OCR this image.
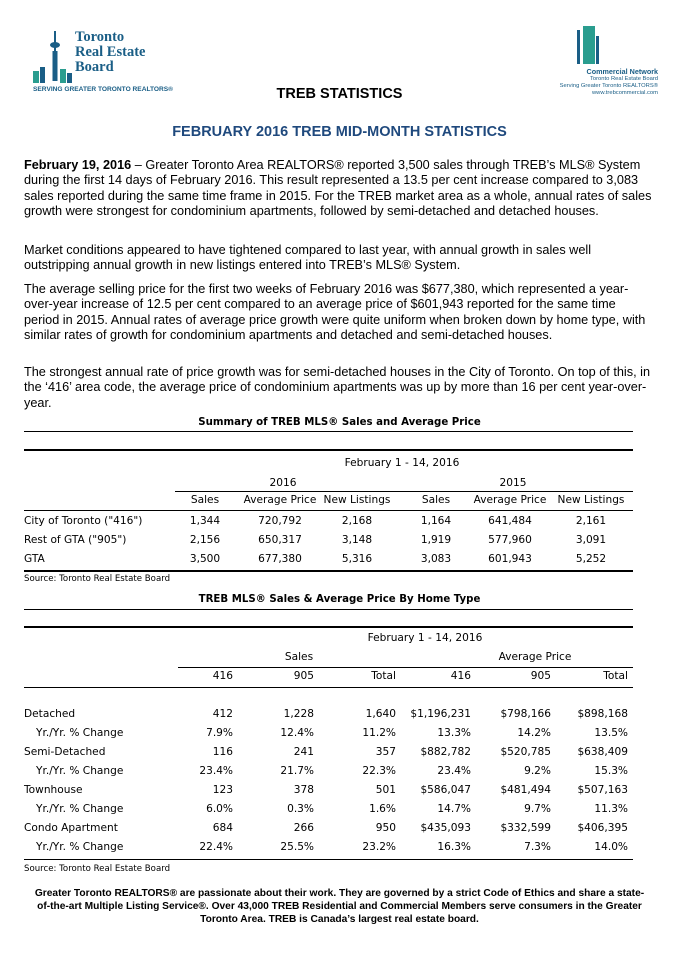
Toronto
Real Estate
Board
SERVING GREATER TORONTO REALTORS®
Commercial Network
Toronto Real Estate Board
Serving Greater Toronto REALTORS®
www.trebcommercial.com
TREB STATISTICS
FEBRUARY 2016 TREB MID-MONTH STATISTICS

February 19, 2016 – Greater Toronto Area REALTORS® reported 3,500 sales through TREB’s MLS® System during the first 14 days of February 2016. This result represented a 13.5 per cent increase compared to 3,083 sales reported during the same time frame in 2015. For the TREB market area as a whole, annual rates of sales growth were strongest for condominium apartments, followed by semi-detached and detached houses.

Market conditions appeared to have tightened compared to last year, with annual growth in sales well outstripping annual growth in new listings entered into TREB’s MLS® System.

The average selling price for the first two weeks of February 2016 was $677,380, which represented a year-over-year increase of 12.5 per cent compared to an average price of $601,943 reported for the same time period in 2015. Annual rates of average price growth were quite uniform when broken down by home type, with similar rates of growth for condominium apartments and detached and semi-detached houses.

The strongest annual rate of price growth was for semi-detached houses in the City of Toronto. On top of this, in the ‘416’ area code, the average price of condominium apartments was up by more than 16 per cent year-over-year.

Summary of TREB MLS® Sales and Average Price
February 1 - 14, 2016
2016	2015
Sales Average Price New Listings	Sales Average Price New Listings
City of Toronto ("416")	1,344	720,792	2,168	1,164	641,484	2,161
Rest of GTA ("905")	2,156	650,317	3,148	1,919	577,960	3,091
GTA	3,500	677,380	5,316	3,083	601,943	5,252
Source: Toronto Real Estate Board
TREB MLS® Sales & Average Price By Home Type
February 1 - 14, 2016
Sales	Average Price
416	905	Total	416	905	Total
Detached	412	1,228	1,640 $1,196,231	$798,166 $898,168
Yr./Yr. % Change	7.9%	12.4%	11.2%	13.3%	14.2%	13.5%
Semi-Detached	116	241	357 $882,782	$520,785 $638,409
Yr./Yr. % Change	23.4%	21.7%	22.3%	23.4%	9.2%	15.3%
Townhouse	123	378	501 $586,047	$481,494 $507,163
Yr./Yr. % Change	6.0%	0.3%	1.6%	14.7%	9.7%	11.3%
Condo Apartment	684	266	950 $435,093	$332,599 $406,395
Yr./Yr. % Change	22.4%	25.5%	23.2%	16.3%	7.3%	14.0%
Source: Toronto Real Estate Board
Greater Toronto REALTORS® are passionate about their work. They are governed by a strict Code of Ethics and share a state-of-the-art Multiple Listing Service®. Over 43,000 TREB Residential and Commercial Members serve consumers in the Greater Toronto Area. TREB is Canada’s largest real estate board.
